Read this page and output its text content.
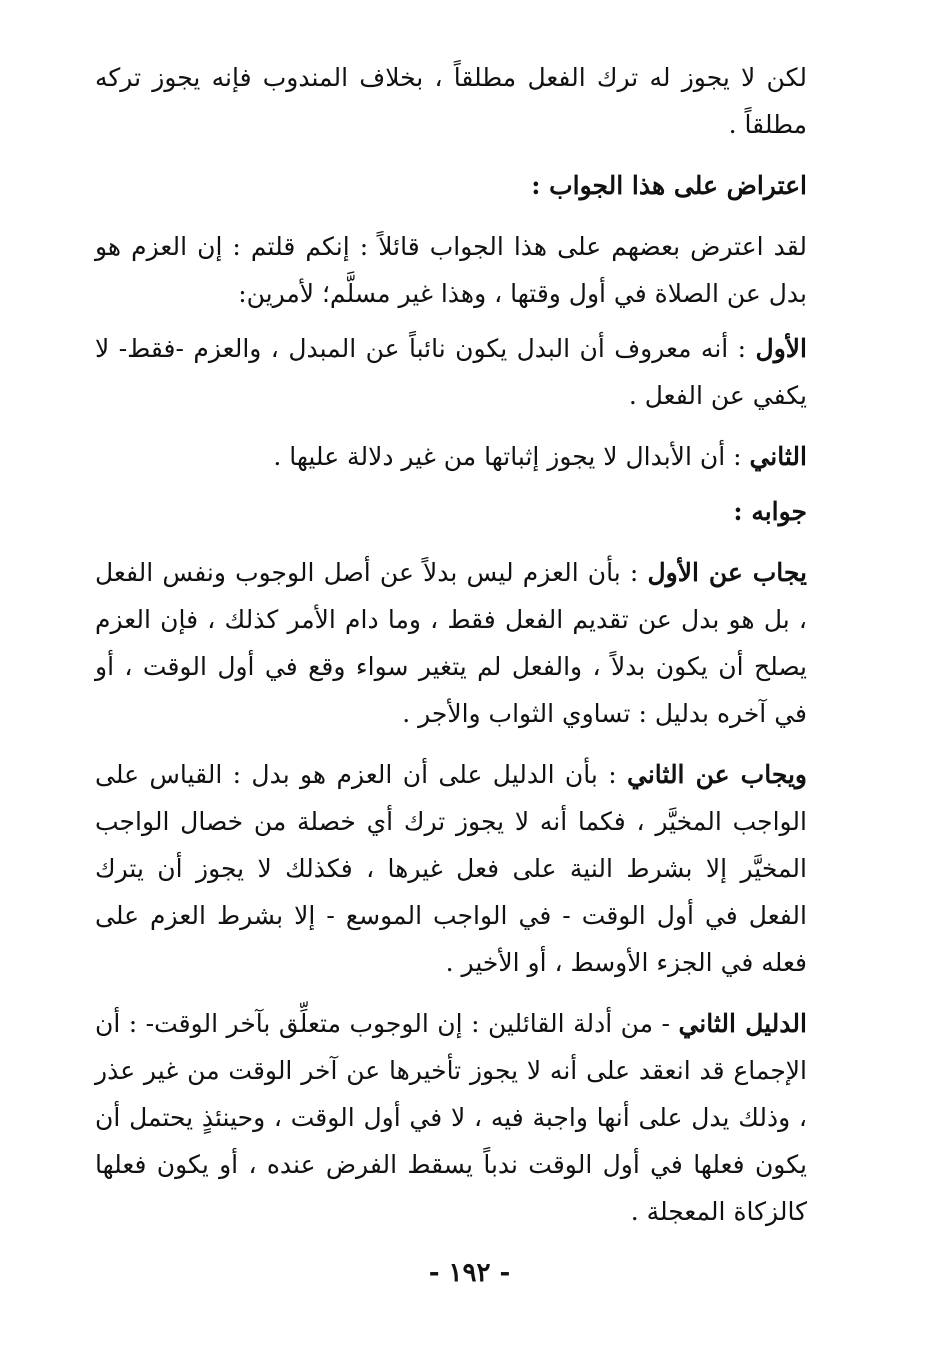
لكن لا يجوز له ترك الفعل مطلقاً ، بخلاف المندوب فإنه يجوز تركه مطلقاً .

اعتراض على هذا الجواب :

لقد اعترض بعضهم على هذا الجواب قائلاً : إنكم قلتم : إن العزم هو بدل عن الصلاة في أول وقتها ، وهذا غير مسلَّم؛ لأمرين:

الأول : أنه معروف أن البدل يكون نائباً عن المبدل ، والعزم -فقط- لا يكفي عن الفعل .

الثاني : أن الأبدال لا يجوز إثباتها من غير دلالة عليها .

جوابه :

يجاب عن الأول : بأن العزم ليس بدلاً عن أصل الوجوب ونفس الفعل ، بل هو بدل عن تقديم الفعل فقط ، وما دام الأمر كذلك ، فإن العزم يصلح أن يكون بدلاً ، والفعل لم يتغير سواء وقع في أول الوقت ، أو في آخره بدليل : تساوي الثواب والأجر .

ويجاب عن الثاني : بأن الدليل على أن العزم هو بدل : القياس على الواجب المخيَّر ، فكما أنه لا يجوز ترك أي خصلة من خصال الواجب المخيَّر إلا بشرط النية على فعل غيرها ، فكذلك لا يجوز أن يترك الفعل في أول الوقت - في الواجب الموسع - إلا بشرط العزم على فعله في الجزء الأوسط ، أو الأخير .

الدليل الثاني - من أدلة القائلين : إن الوجوب متعلِّق بآخر الوقت- : أن الإجماع قد انعقد على أنه لا يجوز تأخيرها عن آخر الوقت من غير عذر ، وذلك يدل على أنها واجبة فيه ، لا في أول الوقت ، وحينئذٍ يحتمل أن يكون فعلها في أول الوقت ندباً يسقط الفرض عنده ، أو يكون فعلها كالزكاة المعجلة .

- ١٩٢ -
